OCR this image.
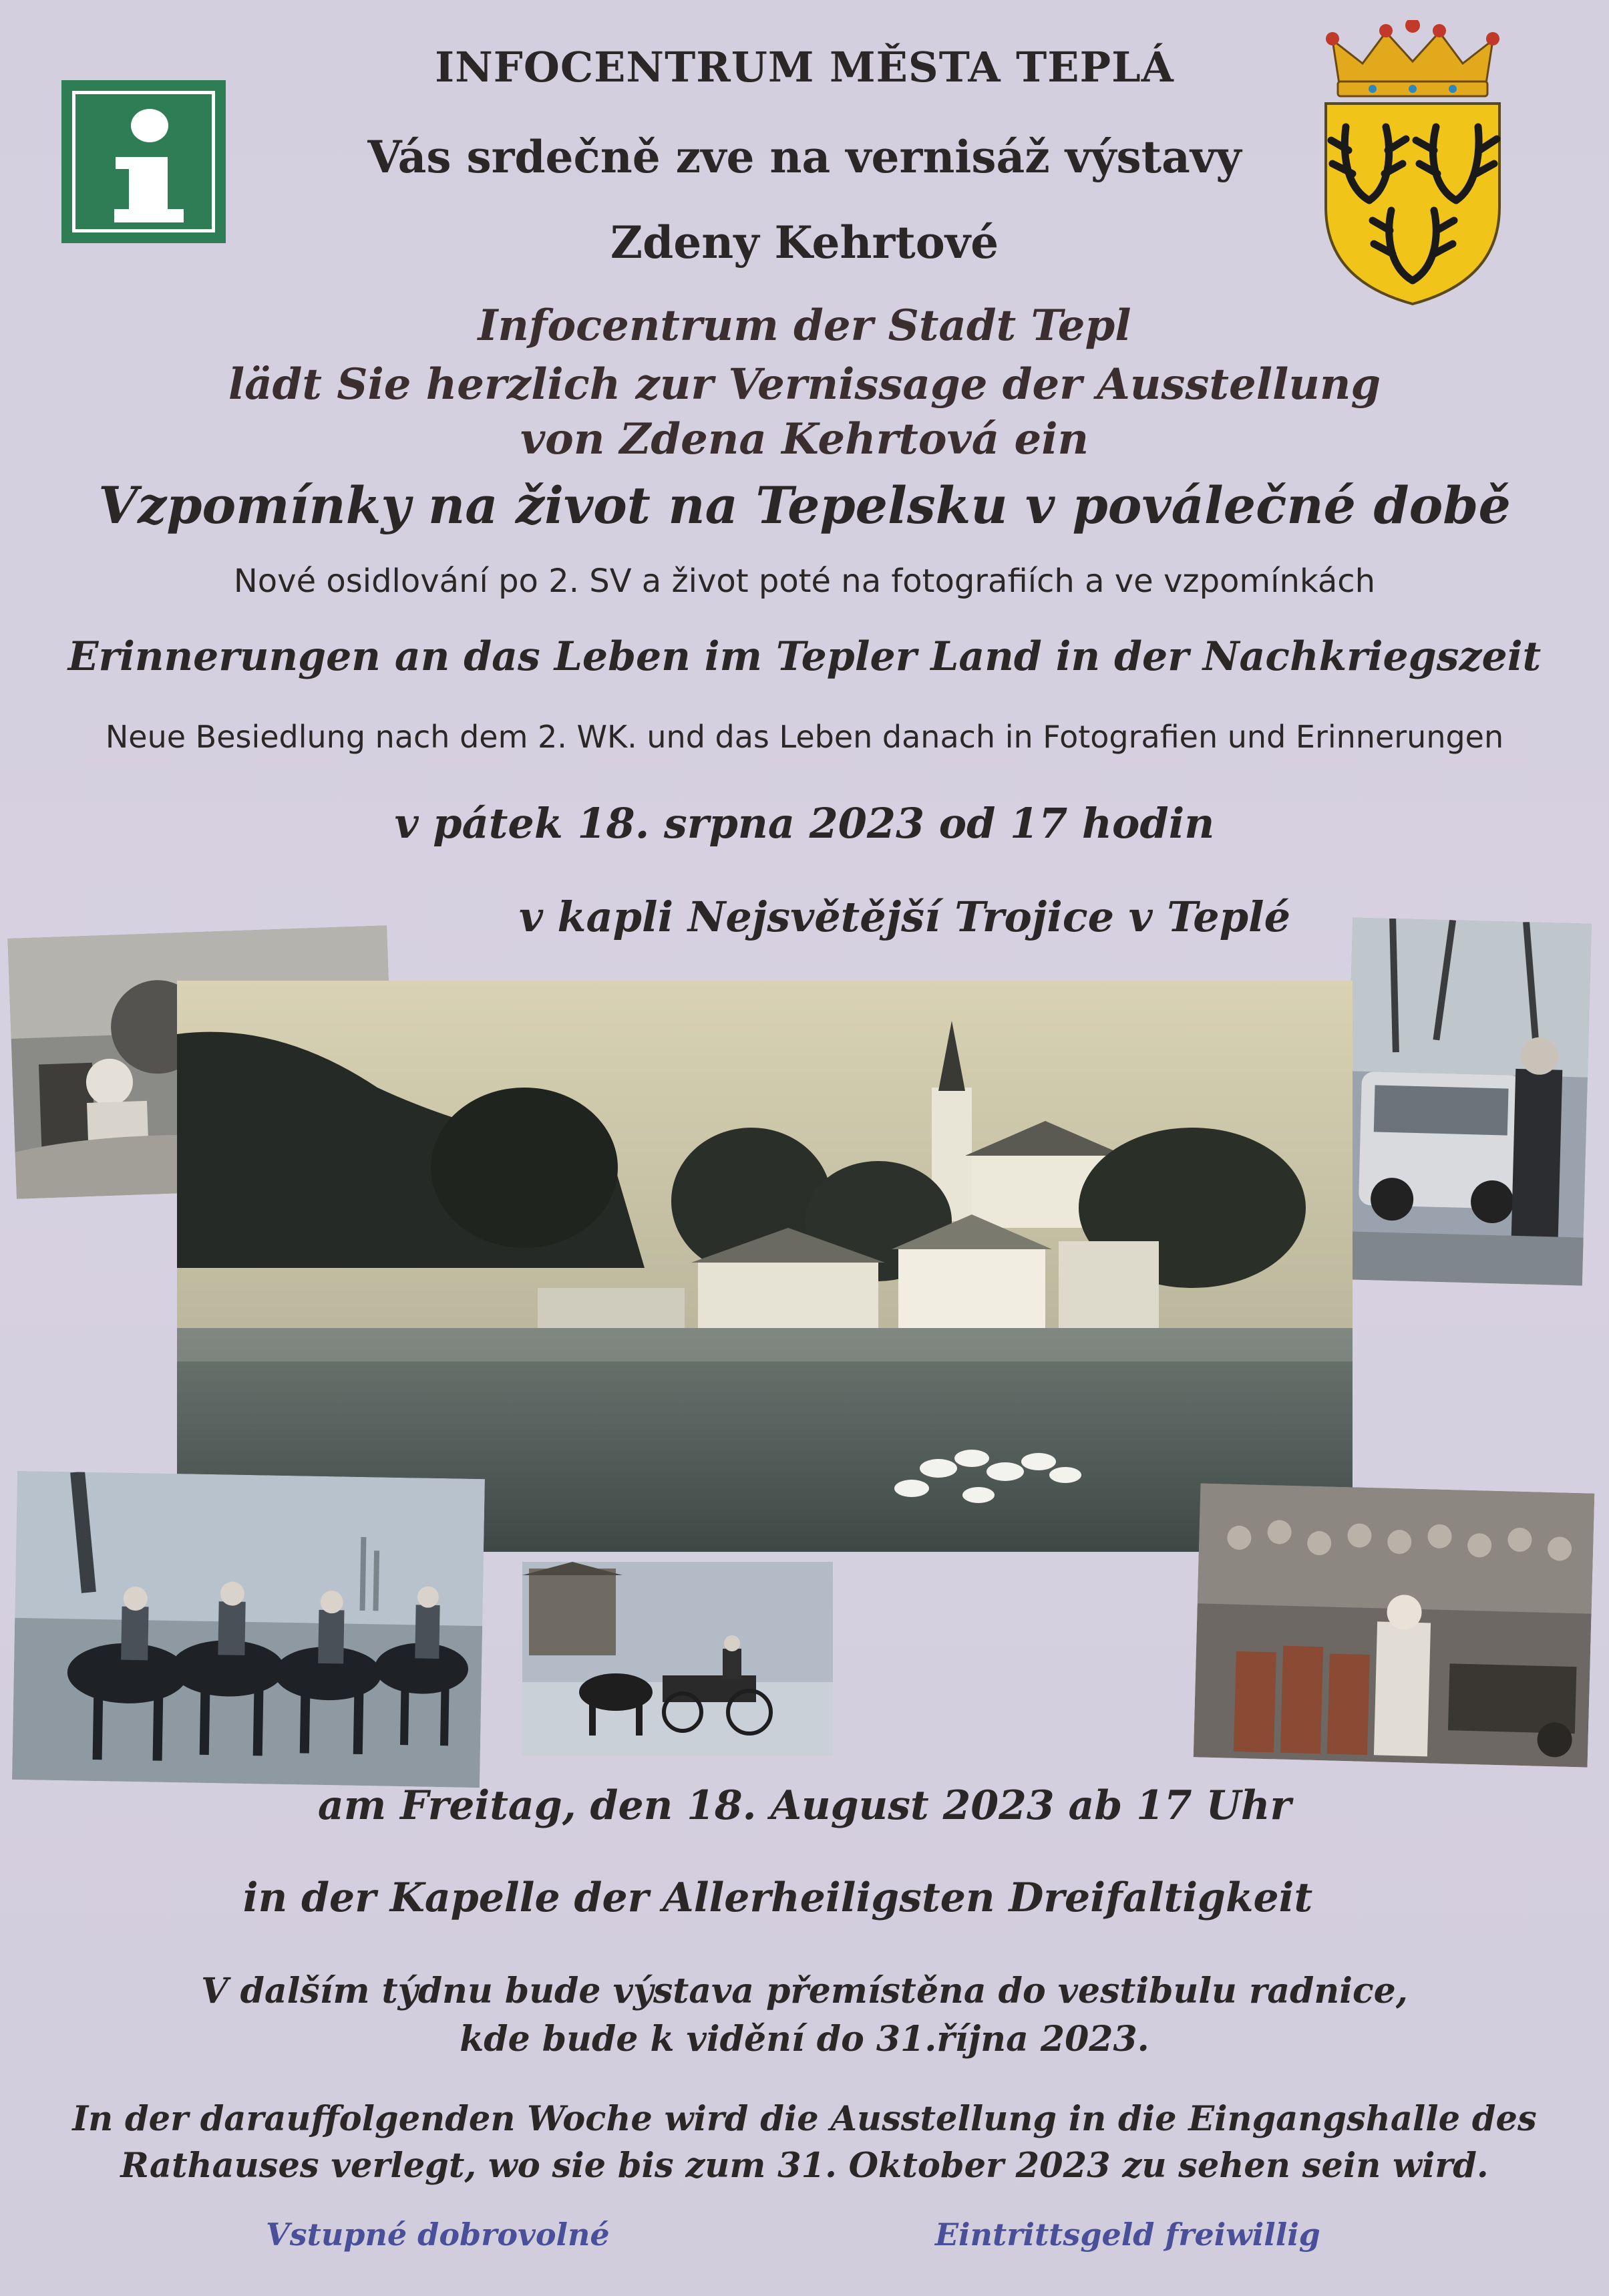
INFOCENTRUM MĚSTA TEPLÁ
Vás srdečně zve na vernisáž výstavy
Zdeny Kehrtové
Infocentrum der Stadt Tepl
lädt Sie herzlich zur Vernissage der Ausstellung
von Zdena Kehrtová ein
Vzpomínky na život na Tepelsku v poválečné době
Nové osidlování po 2. SV a život poté na fotografiích a ve vzpomínkách
Erinnerungen an das Leben im Tepler Land in der Nachkriegszeit
Neue Besiedlung nach dem 2. WK. und das Leben danach in Fotografien und Erinnerungen
v pátek 18. srpna 2023 od 17 hodin
v kapli Nejsvětější Trojice v Teplé
am Freitag, den 18. August 2023 ab 17 Uhr
in der Kapelle der Allerheiligsten Dreifaltigkeit
V dalším týdnu bude výstava přemístěna do vestibulu radnice,
kde bude k vidění do 31.října 2023.
In der darauffolgenden Woche wird die Ausstellung in die Eingangshalle des
Rathauses verlegt, wo sie bis zum 31. Oktober 2023 zu sehen sein wird.
Vstupné dobrovolné	Eintrittsgeld freiwillig
